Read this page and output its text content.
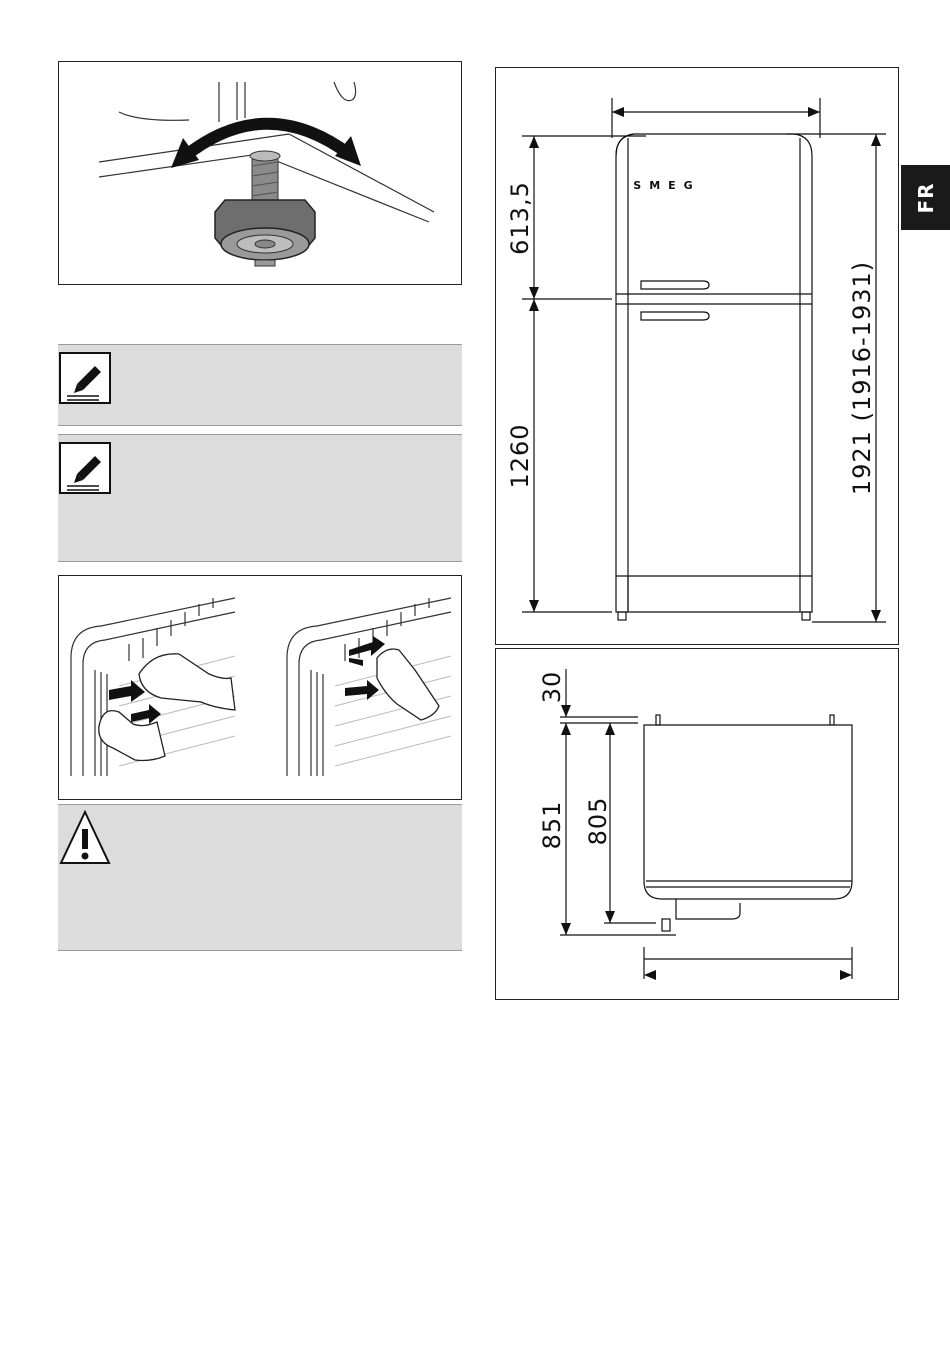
FR
SMEG
613,5
1260	1921 (1916-1931)
30
851 805
